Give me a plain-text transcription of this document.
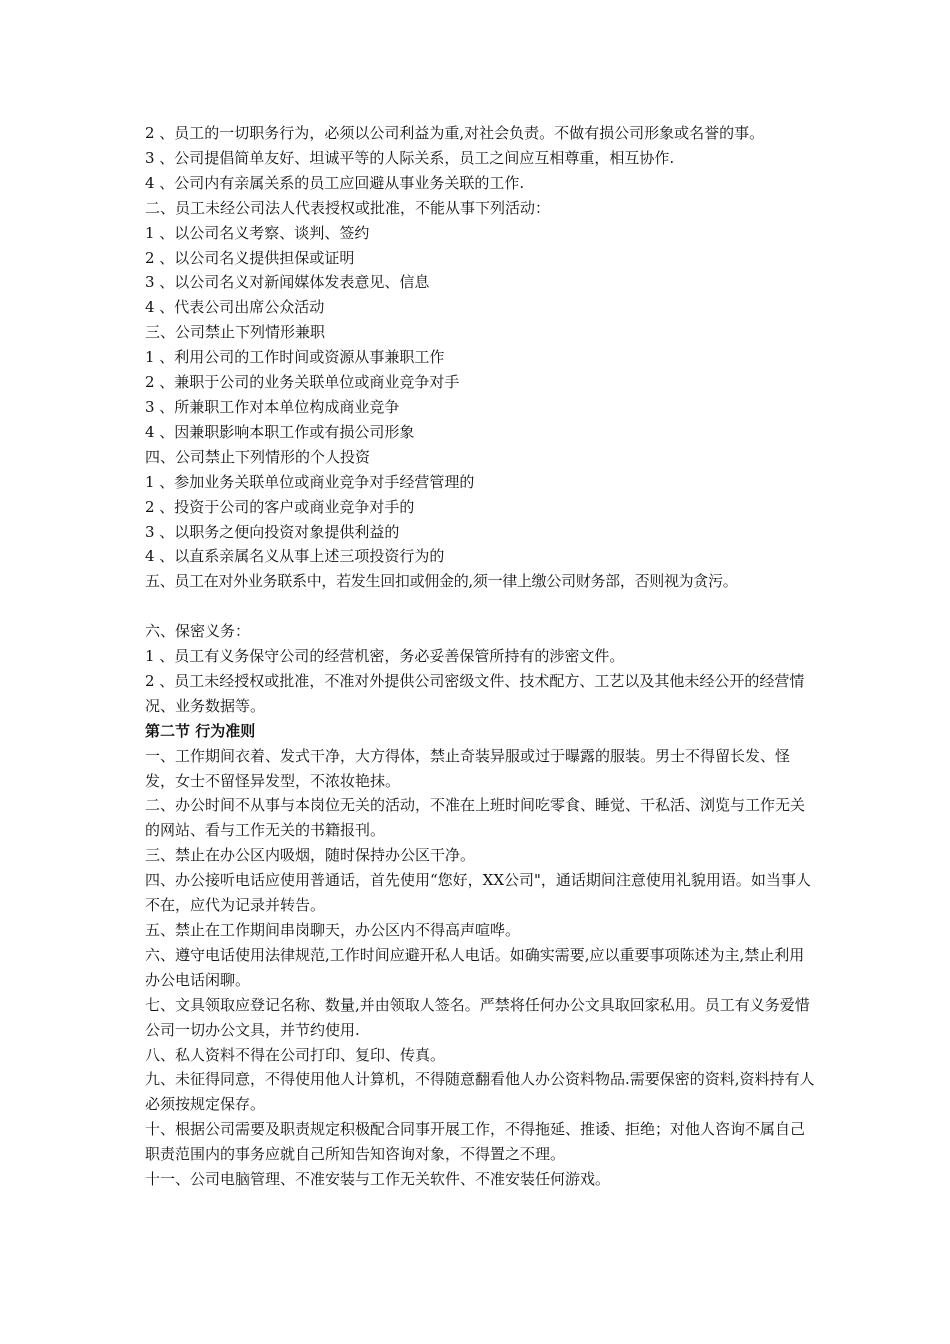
2 、员工的一切职务行为，必须以公司利益为重,对社会负责。不做有损公司形象或名誉的事。
3 、公司提倡简单友好、坦诚平等的人际关系，员工之间应互相尊重，相互协作.
4 、公司内有亲属关系的员工应回避从事业务关联的工作.
二、员工未经公司法人代表授权或批准，不能从事下列活动：
1 、以公司名义考察、谈判、签约
2 、以公司名义提供担保或证明
3 、以公司名义对新闻媒体发表意见、信息
4 、代表公司出席公众活动
三、公司禁止下列情形兼职
1 、利用公司的工作时间或资源从事兼职工作
2 、兼职于公司的业务关联单位或商业竞争对手
3 、所兼职工作对本单位构成商业竞争
4 、因兼职影响本职工作或有损公司形象
四、公司禁止下列情形的个人投资
1 、参加业务关联单位或商业竞争对手经营管理的
2 、投资于公司的客户或商业竞争对手的
3 、以职务之便向投资对象提供利益的
4 、以直系亲属名义从事上述三项投资行为的
五、员工在对外业务联系中，若发生回扣或佣金的,须一律上缴公司财务部，否则视为贪污。
六、保密义务：
1 、员工有义务保守公司的经营机密，务必妥善保管所持有的涉密文件。
2 、员工未经授权或批准，不准对外提供公司密级文件、技术配方、工艺以及其他未经公开的经营情况、业务数据等。
第二节 行为准则
一、工作期间衣着、发式干净，大方得体，禁止奇装异服或过于曝露的服装。男士不得留长发、怪发，女士不留怪异发型，不浓妆艳抹。
二、办公时间不从事与本岗位无关的活动，不准在上班时间吃零食、睡觉、干私活、浏览与工作无关的网站、看与工作无关的书籍报刊。
三、禁止在办公区内吸烟，随时保持办公区干净。
四、办公接听电话应使用普通话，首先使用“您好，XX公司"，通话期间注意使用礼貌用语。如当事人不在，应代为记录并转告。
五、禁止在工作期间串岗聊天，办公区内不得高声喧哗。
六、遵守电话使用法律规范,工作时间应避开私人电话。如确实需要,应以重要事项陈述为主,禁止利用办公电话闲聊。
七、文具领取应登记名称、数量,并由领取人签名。严禁将任何办公文具取回家私用。员工有义务爱惜公司一切办公文具，并节约使用.
八、私人资料不得在公司打印、复印、传真。
九、未征得同意，不得使用他人计算机，不得随意翻看他人办公资料物品.需要保密的资料,资料持有人必须按规定保存。
十、根据公司需要及职责规定积极配合同事开展工作，不得拖延、推诿、拒绝；对他人咨询不属自己职责范围内的事务应就自己所知告知咨询对象，不得置之不理。
十一、公司电脑管理、不准安装与工作无关软件、不准安装任何游戏。
